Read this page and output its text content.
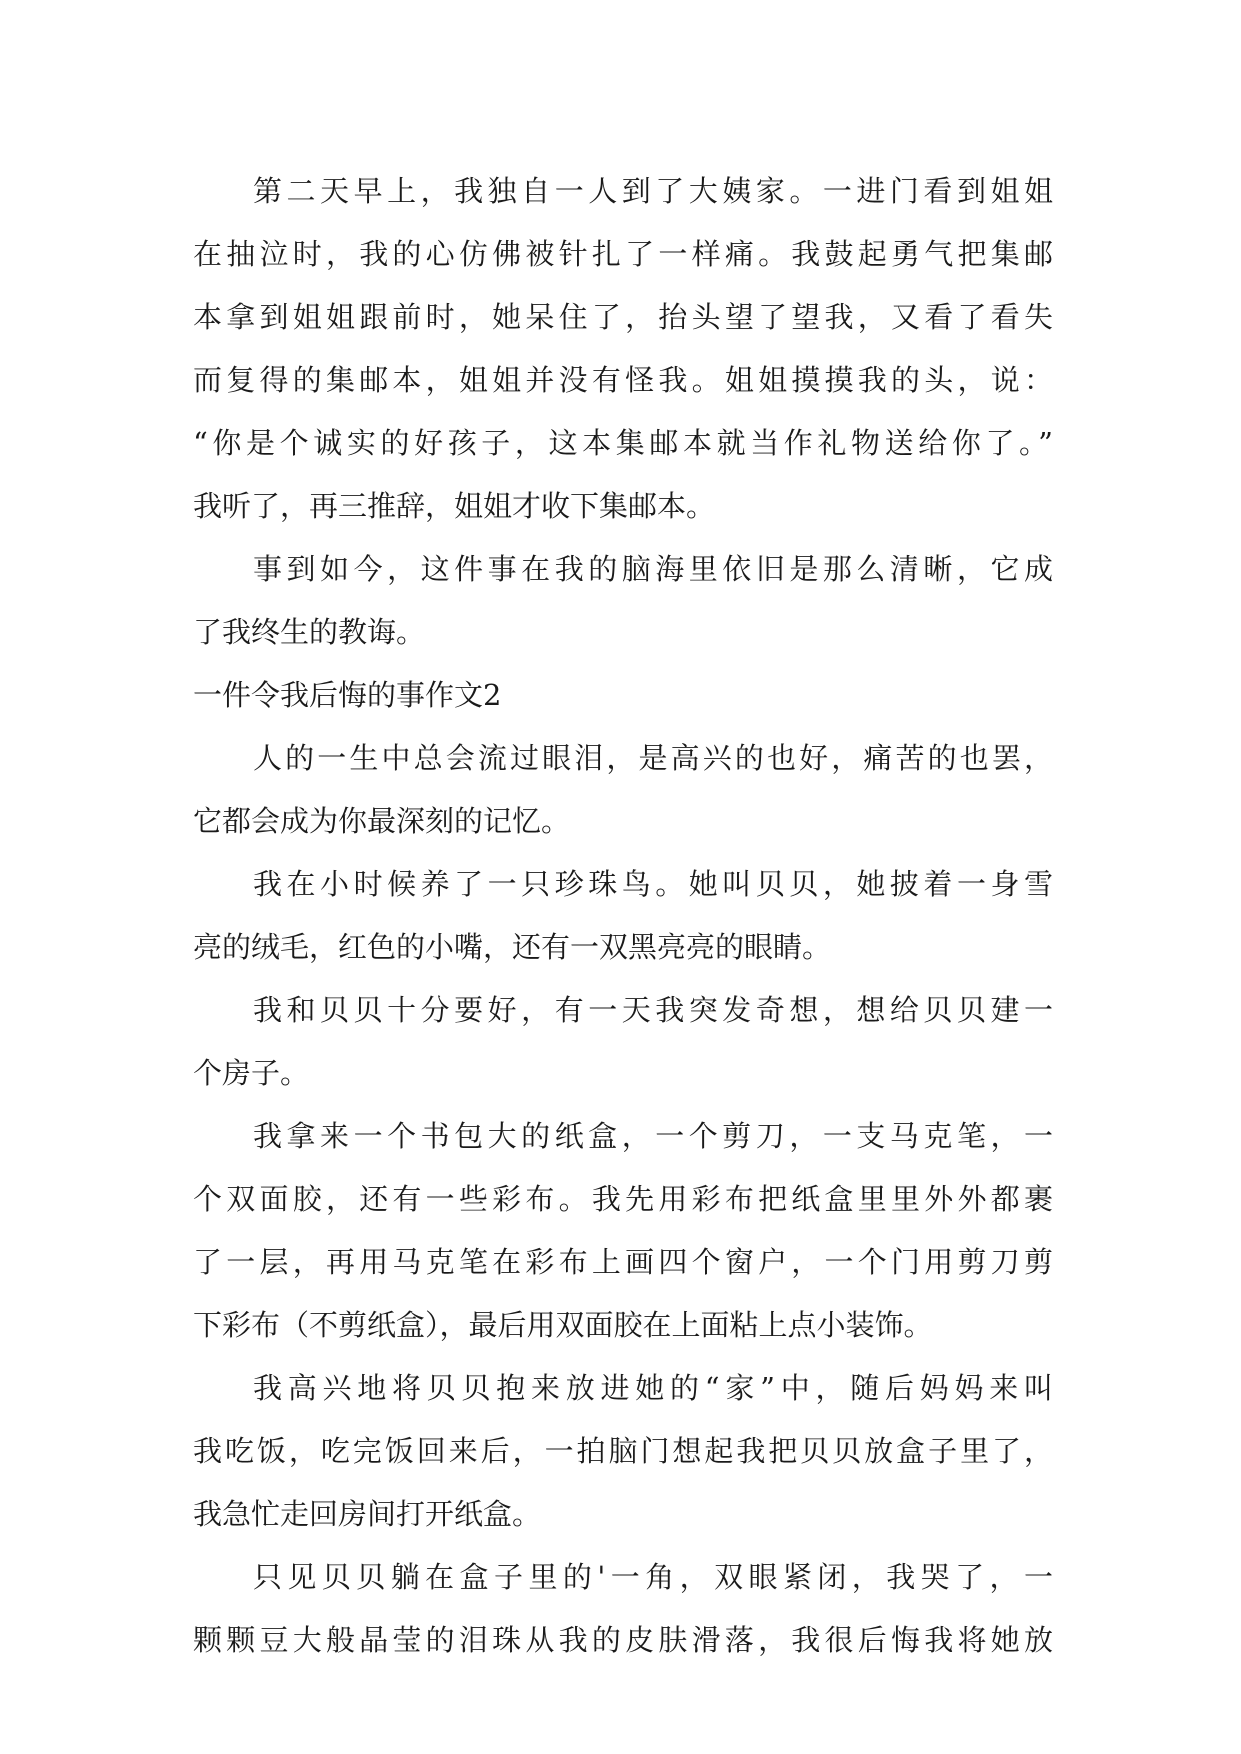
第二天早上，我独自一人到了大姨家。一进门看到姐姐
在抽泣时，我的心仿佛被针扎了一样痛。我鼓起勇气把集邮
本拿到姐姐跟前时，她呆住了，抬头望了望我，又看了看失
而复得的集邮本，姐姐并没有怪我。姐姐摸摸我的头，说：
“你是个诚实的好孩子，这本集邮本就当作礼物送给你了。”
我听了，再三推辞，姐姐才收下集邮本。
事到如今，这件事在我的脑海里依旧是那么清晰，它成
了我终生的教诲。
一件令我后悔的事作文2
人的一生中总会流过眼泪，是高兴的也好，痛苦的也罢，
它都会成为你最深刻的记忆。
我在小时候养了一只珍珠鸟。她叫贝贝，她披着一身雪
亮的绒毛，红色的小嘴，还有一双黑亮亮的眼睛。
我和贝贝十分要好，有一天我突发奇想，想给贝贝建一
个房子。
我拿来一个书包大的纸盒，一个剪刀，一支马克笔，一
个双面胶，还有一些彩布。我先用彩布把纸盒里里外外都裹
了一层，再用马克笔在彩布上画四个窗户，一个门用剪刀剪
下彩布（不剪纸盒），最后用双面胶在上面粘上点小装饰。
我高兴地将贝贝抱来放进她的“家”中，随后妈妈来叫
我吃饭，吃完饭回来后，一拍脑门想起我把贝贝放盒子里了，
我急忙走回房间打开纸盒。
只见贝贝躺在盒子里的'一角，双眼紧闭，我哭了，一
颗颗豆大般晶莹的泪珠从我的皮肤滑落，我很后悔我将她放
